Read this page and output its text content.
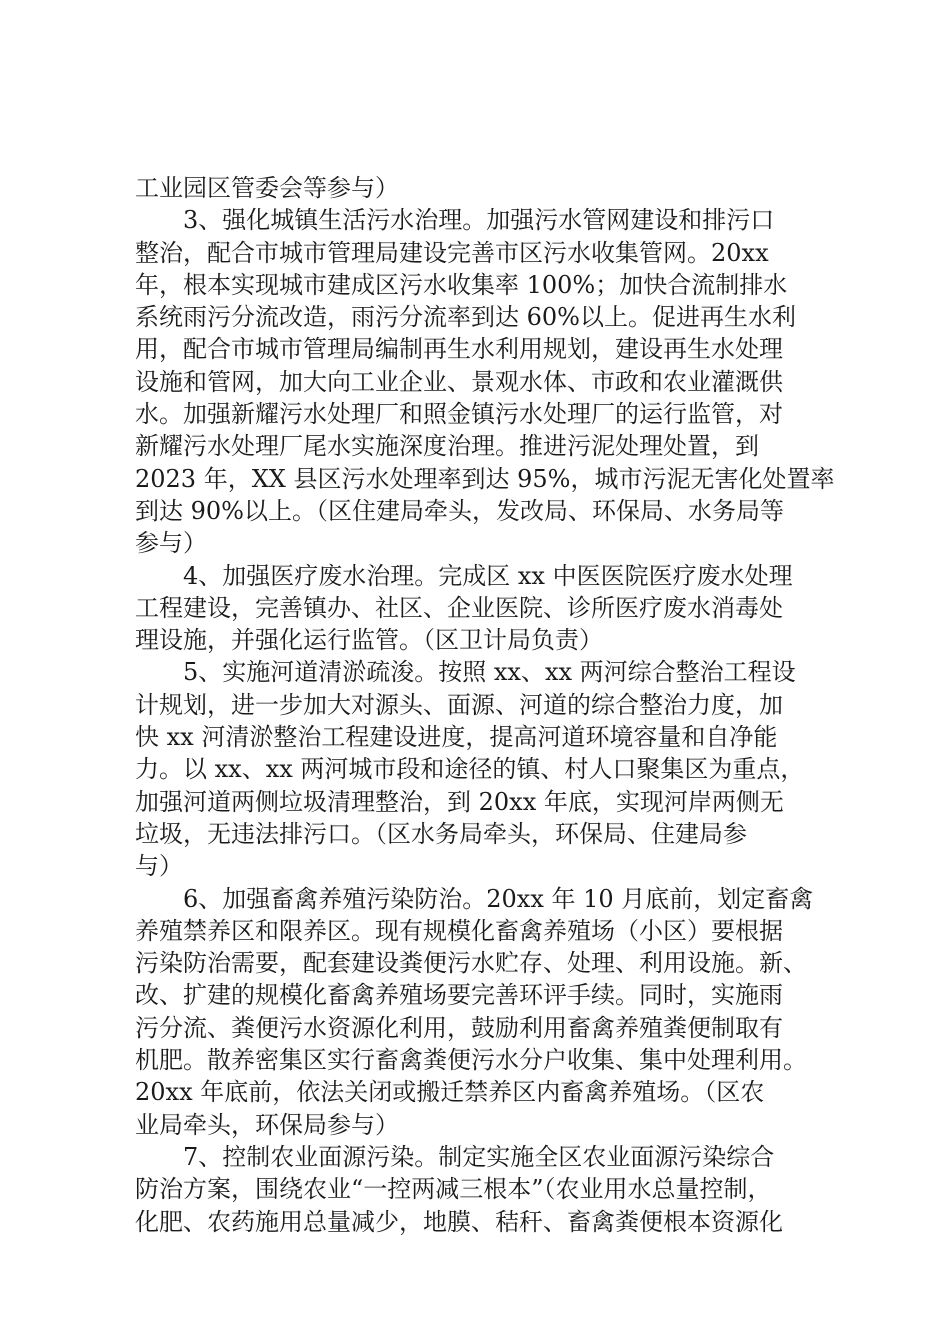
工业园区管委会等参与）
3、强化城镇生活污水治理。加强污水管网建设和排污口
整治，配合市城市管理局建设完善市区污水收集管网。20xx
年，根本实现城市建成区污水收集率 100%；加快合流制排水
系统雨污分流改造，雨污分流率到达 60%以上。促进再生水利
用，配合市城市管理局编制再生水利用规划，建设再生水处理
设施和管网，加大向工业企业、景观水体、市政和农业灌溉供
水。加强新耀污水处理厂和照金镇污水处理厂的运行监管，对
新耀污水处理厂尾水实施深度治理。推进污泥处理处置，到
2023 年，XX 县区污水处理率到达 95%，城市污泥无害化处置率
到达 90%以上。（区住建局牵头，发改局、环保局、水务局等
参与）
4、加强医疗废水治理。完成区 xx 中医医院医疗废水处理
工程建设，完善镇办、社区、企业医院、诊所医疗废水消毒处
理设施，并强化运行监管。（区卫计局负责）
5、实施河道清淤疏浚。按照 xx、xx 两河综合整治工程设
计规划，进一步加大对源头、面源、河道的综合整治力度，加
快 xx 河清淤整治工程建设进度，提高河道环境容量和自净能
力。以 xx、xx 两河城市段和途径的镇、村人口聚集区为重点，
加强河道两侧垃圾清理整治，到 20xx 年底，实现河岸两侧无
垃圾，无违法排污口。（区水务局牵头，环保局、住建局参
与）
6、加强畜禽养殖污染防治。20xx 年 10 月底前，划定畜禽
养殖禁养区和限养区。现有规模化畜禽养殖场（小区）要根据
污染防治需要，配套建设粪便污水贮存、处理、利用设施。新、
改、扩建的规模化畜禽养殖场要完善环评手续。同时，实施雨
污分流、粪便污水资源化利用，鼓励利用畜禽养殖粪便制取有
机肥。散养密集区实行畜禽粪便污水分户收集、集中处理利用。
20xx 年底前，依法关闭或搬迁禁养区内畜禽养殖场。（区农
业局牵头，环保局参与）
7、控制农业面源污染。制定实施全区农业面源污染综合
防治方案，围绕农业“一控两减三根本”（农业用水总量控制，
化肥、农药施用总量减少，地膜、秸秆、畜禽粪便根本资源化
